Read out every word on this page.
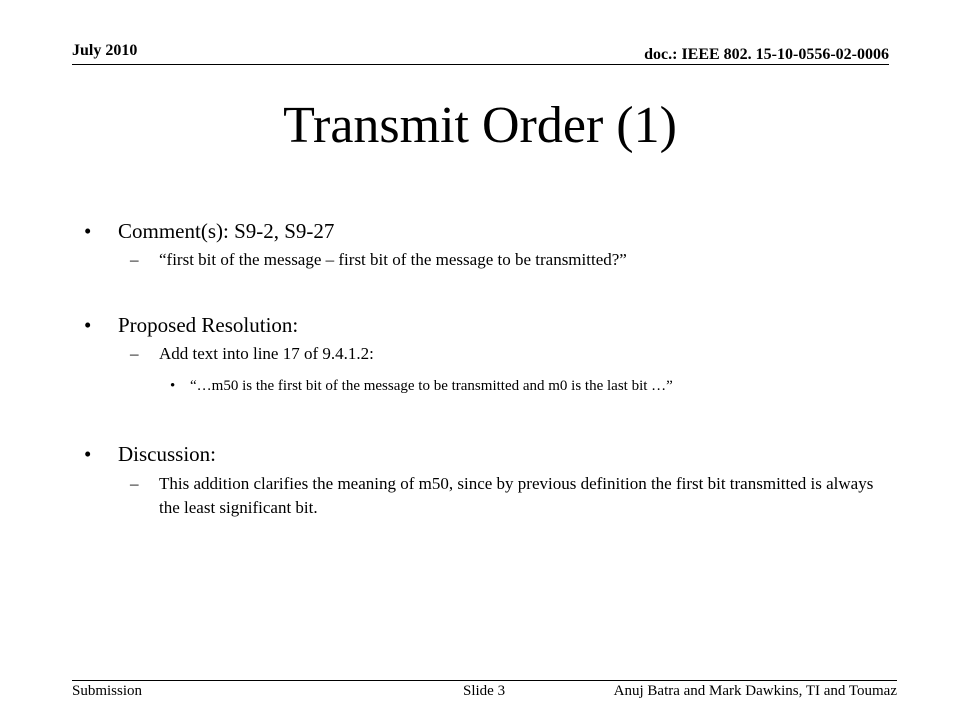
July 2010	doc.: IEEE 802. 15-10-0556-02-0006
Transmit Order (1)
• Comment(s): S9-2, S9-27
– “first bit of the message – first bit of the message to be transmitted?”
• Proposed Resolution:
– Add text into line 17 of 9.4.1.2:
• “…m50 is the first bit of the message to be transmitted and m0 is the last bit …”
• Discussion:
– This addition clarifies the meaning of m50, since by previous definition the first bit transmitted is always the least significant bit.
Submission	Slide 3	Anuj Batra and Mark Dawkins, TI and Toumaz
